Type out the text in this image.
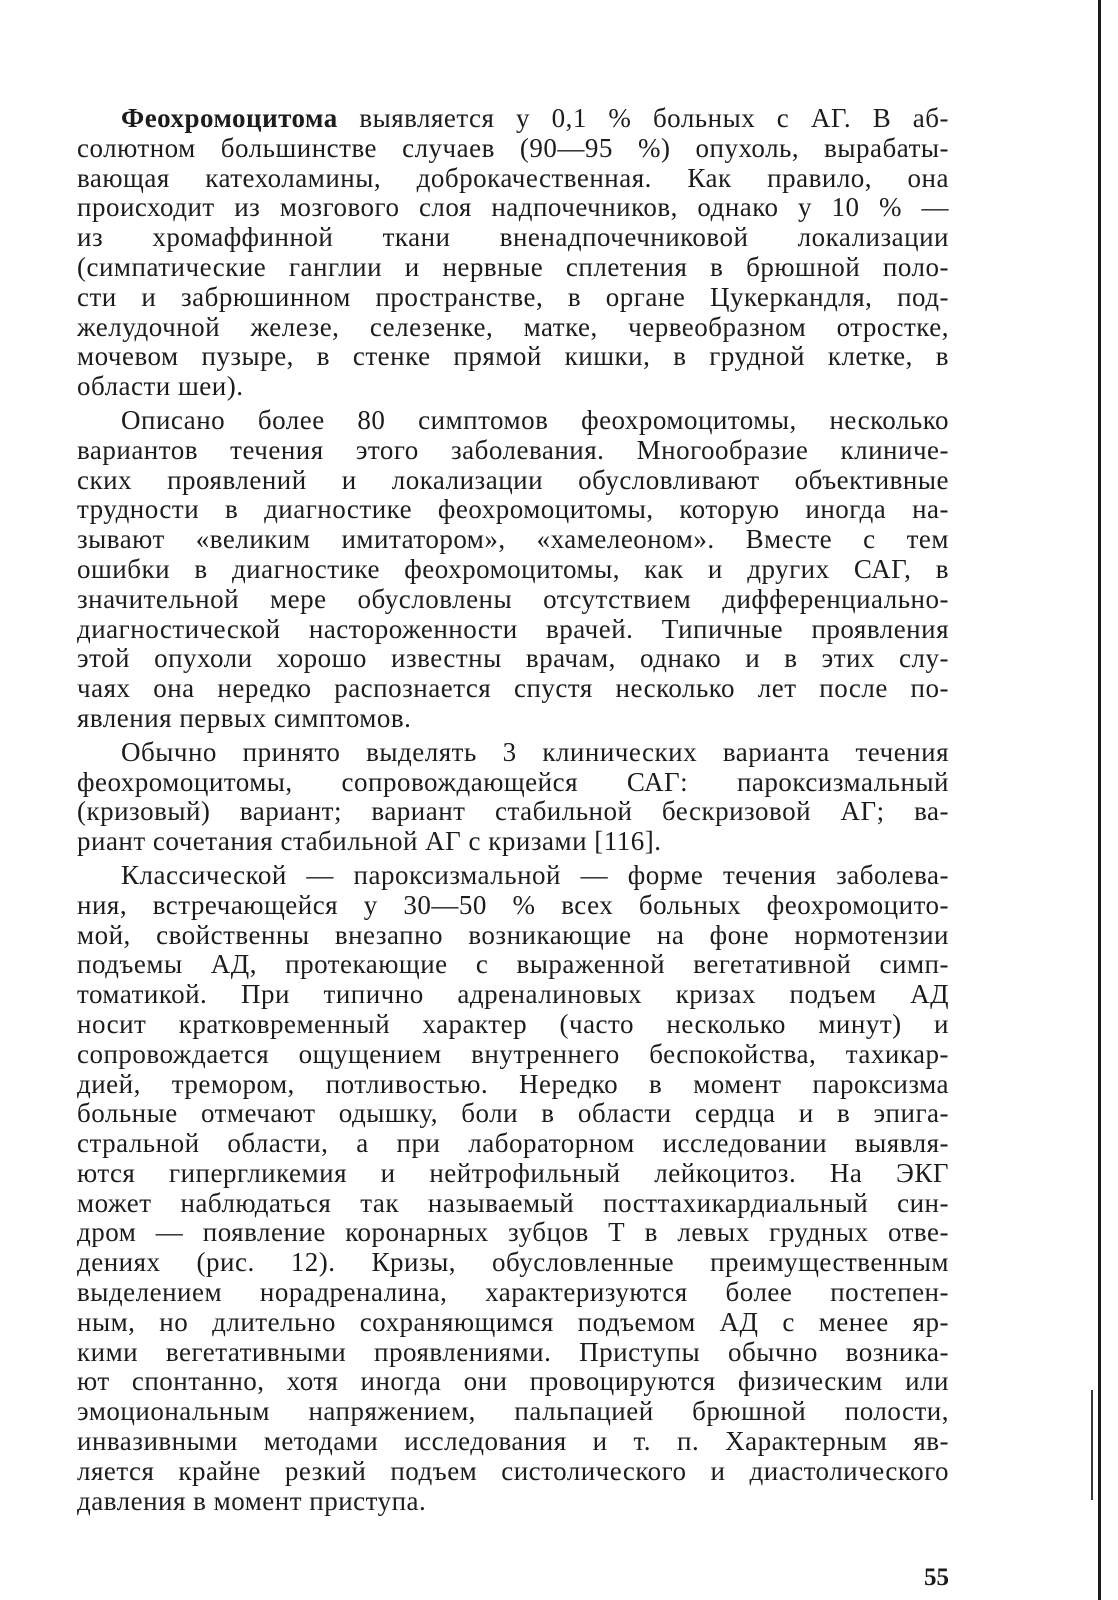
Феохромоцитома выявляется у 0,1 % больных с АГ. В аб-
солютном большинстве случаев (90—95 %) опухоль, вырабаты-
вающая катехоламины, доброкачественная. Как правило, она
происходит из мозгового слоя надпочечников, однако у 10 % —
из хромаффинной ткани вненадпочечниковой локализации
(симпатические ганглии и нервные сплетения в брюшной поло-
сти и забрюшинном пространстве, в органе Цукеркандля, под-
желудочной железе, селезенке, матке, червеобразном отростке,
мочевом пузыре, в стенке прямой кишки, в грудной клетке, в
области шеи).
Описано более 80 симптомов феохромоцитомы, несколько
вариантов течения этого заболевания. Многообразие клиниче-
ских проявлений и локализации обусловливают объективные
трудности в диагностике феохромоцитомы, которую иногда на-
зывают «великим имитатором», «хамелеоном». Вместе с тем
ошибки в диагностике феохромоцитомы, как и других САГ, в
значительной мере обусловлены отсутствием дифференциально-
диагностической настороженности врачей. Типичные проявления
этой опухоли хорошо известны врачам, однако и в этих слу-
чаях она нередко распознается спустя несколько лет после по-
явления первых симптомов.
Обычно принято выделять 3 клинических варианта течения
феохромоцитомы, сопровождающейся САГ: пароксизмальный
(кризовый) вариант; вариант стабильной бескризовой АГ; ва-
риант сочетания стабильной АГ с кризами [116].
Классической — пароксизмальной — форме течения заболева-
ния, встречающейся у 30—50 % всех больных феохромоцито-
мой, свойственны внезапно возникающие на фоне нормотензии
подъемы АД, протекающие с выраженной вегетативной симп-
томатикой. При типично адреналиновых кризах подъем АД
носит кратковременный характер (часто несколько минут) и
сопровождается ощущением внутреннего беспокойства, тахикар-
дией, тремором, потливостью. Нередко в момент пароксизма
больные отмечают одышку, боли в области сердца и в эпига-
стральной области, а при лабораторном исследовании выявля-
ются гипергликемия и нейтрофильный лейкоцитоз. На ЭКГ
может наблюдаться так называемый посттахикардиальный син-
дром — появление коронарных зубцов Т в левых грудных отве-
дениях (рис. 12). Кризы, обусловленные преимущественным
выделением норадреналина, характеризуются более постепен-
ным, но длительно сохраняющимся подъемом АД с менее яр-
кими вегетативными проявлениями. Приступы обычно возника-
ют спонтанно, хотя иногда они провоцируются физическим или
эмоциональным напряжением, пальпацией брюшной полости,
инвазивными методами исследования и т. п. Характерным яв-
ляется крайне резкий подъем систолического и диастолического
давления в момент приступа.
55
